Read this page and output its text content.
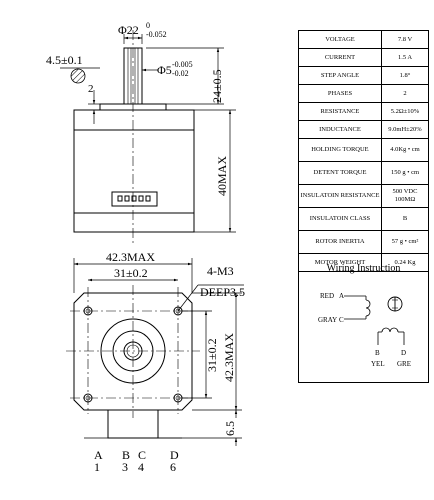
Φ22 0
-0.052
4.5±0.1
Φ5 -0.005
-0.02
2	24±0.5
40MAX
42.3MAX
31±0.2	4-M3
DEEP3.5
31±0.2 42.3MAX
6.5
A
1
B
3
C
4
D
6
RED A
GRAY C
B	D
YEL GRE
VOLTAGE	7.8 V
CURRENT	1.5 A
STEP ANGLE	1.8°
PHASES	2
RESISTANCE	5.2Ω±10%
INDUCTANCE	9.0mH±20%
HOLDING TORQUE	4.0Kg • cm
DETENT TORQUE	150 g • cm
INSULATOIN RESISTANCE	500 VDC 100MΩ
INSULATOIN CLASS	B
ROTOR INERTIA	57 g • cm²
MOTOR WEIGHT	0.24 Kg
Wiring Instruction
